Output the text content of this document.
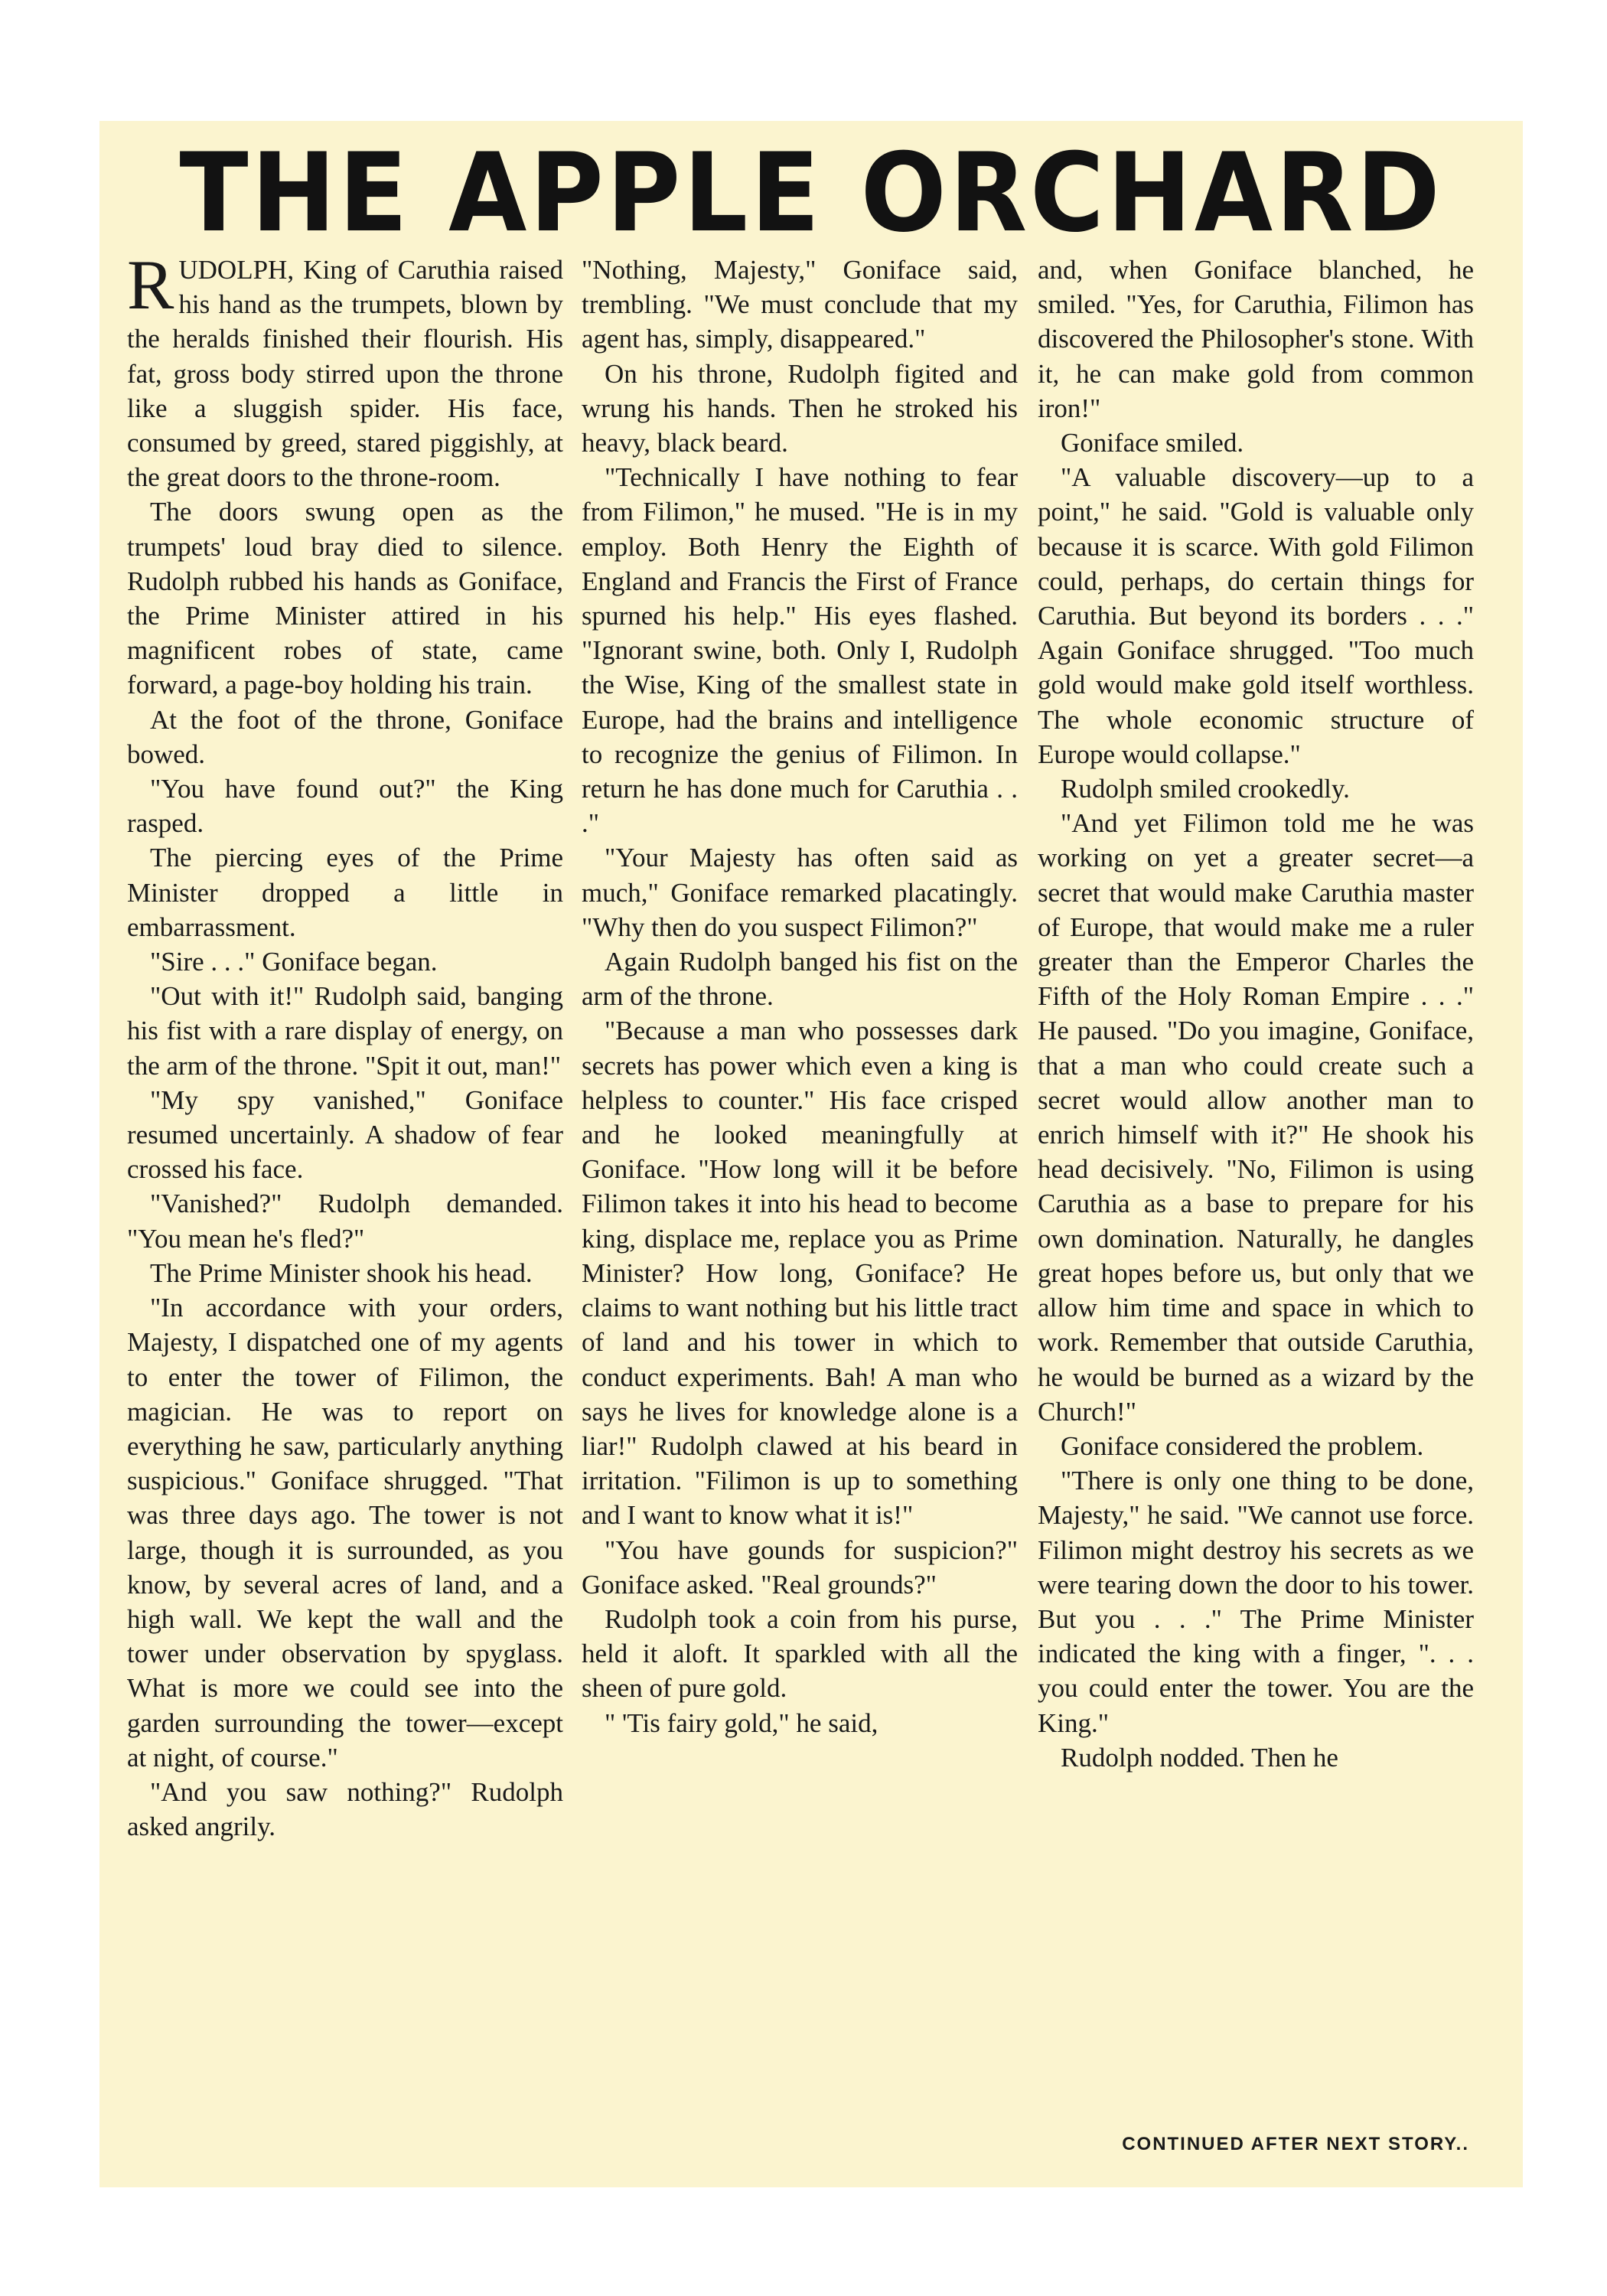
THE APPLE ORCHARD

RUDOLPH, King of Caruthia raised his hand as the trumpets, blown by the heralds finished their flourish. His fat, gross body stirred upon the throne like a sluggish spider. His face, consumed by greed, stared piggishly, at the great doors to the throne-room.

The doors swung open as the trumpets' loud bray died to silence. Rudolph rubbed his hands as Goniface, the Prime Minister attired in his magnificent robes of state, came forward, a page-boy holding his train.

At the foot of the throne, Goniface bowed.

"You have found out?" the King rasped.

The piercing eyes of the Prime Minister dropped a little in embarrassment.

"Sire . . ." Goniface began.

"Out with it!" Rudolph said, banging his fist with a rare display of energy, on the arm of the throne. "Spit it out, man!"

"My spy vanished," Goniface resumed uncertainly. A shadow of fear crossed his face.

"Vanished?" Rudolph demanded. "You mean he's fled?"

The Prime Minister shook his head.

"In accordance with your orders, Majesty, I dispatched one of my agents to enter the tower of Filimon, the magician. He was to report on everything he saw, particularly anything suspicious." Goniface shrugged. "That was three days ago. The tower is not large, though it is surrounded, as you know, by several acres of land, and a high wall. We kept the wall and the tower under observation by spyglass. What is more we could see into the garden surrounding the tower—except at night, of course."

"And you saw nothing?" Rudolph asked angrily.

"Nothing, Majesty," Goniface said, trembling. "We must conclude that my agent has, simply, disappeared."

On his throne, Rudolph figited and wrung his hands. Then he stroked his heavy, black beard.

"Technically I have nothing to fear from Filimon," he mused. "He is in my employ. Both Henry the Eighth of England and Francis the First of France spurned his help." His eyes flashed. "Ignorant swine, both. Only I, Rudolph the Wise, King of the smallest state in Europe, had the brains and intelligence to recognize the genius of Filimon. In return he has done much for Caruthia . . ."

"Your Majesty has often said as much," Goniface remarked placatingly. "Why then do you suspect Filimon?"

Again Rudolph banged his fist on the arm of the throne.

"Because a man who possesses dark secrets has power which even a king is helpless to counter." His face crisped and he looked meaningfully at Goniface. "How long will it be before Filimon takes it into his head to become king, displace me, replace you as Prime Minister? How long, Goniface? He claims to want nothing but his little tract of land and his tower in which to conduct experiments. Bah! A man who says he lives for knowledge alone is a liar!" Rudolph clawed at his beard in irritation. "Filimon is up to something and I want to know what it is!"

"You have gounds for suspicion?" Goniface asked. "Real grounds?"

Rudolph took a coin from his purse, held it aloft. It sparkled with all the sheen of pure gold.

" 'Tis fairy gold," he said,

and, when Goniface blanched, he smiled. "Yes, for Caruthia, Filimon has discovered the Philosopher's stone. With it, he can make gold from common iron!"

Goniface smiled.

"A valuable discovery—up to a point," he said. "Gold is valuable only because it is scarce. With gold Filimon could, perhaps, do certain things for Caruthia. But beyond its borders . . ." Again Goniface shrugged. "Too much gold would make gold itself worthless. The whole economic structure of Europe would collapse."

Rudolph smiled crookedly.

"And yet Filimon told me he was working on yet a greater secret—a secret that would make Caruthia master of Europe, that would make me a ruler greater than the Emperor Charles the Fifth of the Holy Roman Empire . . ." He paused. "Do you imagine, Goniface, that a man who could create such a secret would allow another man to enrich himself with it?" He shook his head decisively. "No, Filimon is using Caruthia as a base to prepare for his own domination. Naturally, he dangles great hopes before us, but only that we allow him time and space in which to work. Remember that outside Caruthia, he would be burned as a wizard by the Church!"

Goniface considered the problem.

"There is only one thing to be done, Majesty," he said. "We cannot use force. Filimon might destroy his secrets as we were tearing down the door to his tower. But you . . ." The Prime Minister indicated the king with a finger, ". . . you could enter the tower. You are the King."

Rudolph nodded. Then he

CONTINUED AFTER NEXT STORY..
